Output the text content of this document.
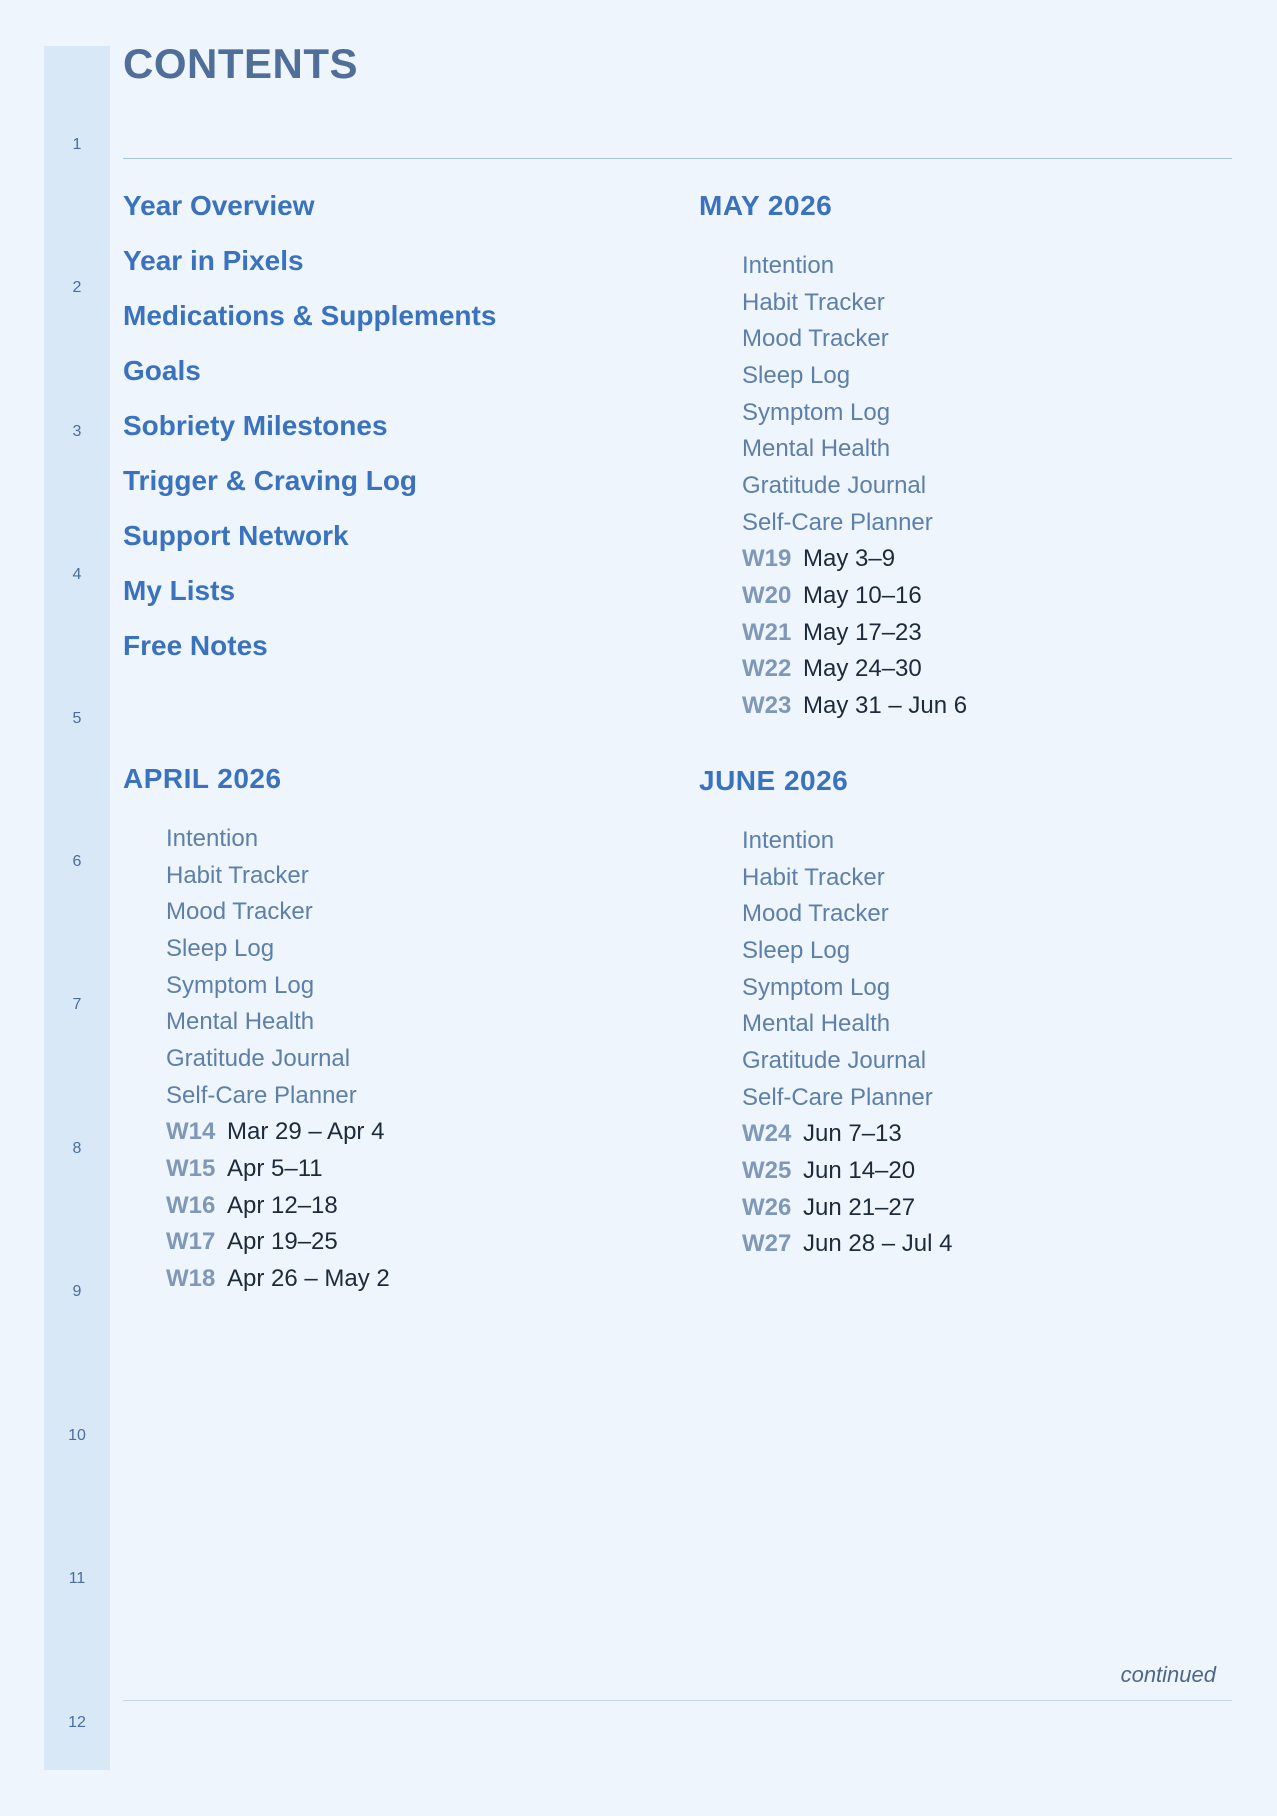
1
2
3
4
5
6
7
8
9
10
11
12
CONTENTS
Year Overview
Year in Pixels
Medications & Supplements
Goals
Sobriety Milestones
Trigger & Craving Log
Support Network
My Lists
Free Notes
APRIL 2026
Intention
Habit Tracker
Mood Tracker
Sleep Log
Symptom Log
Mental Health
Gratitude Journal
Self-Care Planner
W14 Mar 29 – Apr 4
W15 Apr 5–11
W16 Apr 12–18
W17 Apr 19–25
W18 Apr 26 – May 2
MAY 2026
Intention
Habit Tracker
Mood Tracker
Sleep Log
Symptom Log
Mental Health
Gratitude Journal
Self-Care Planner
W19 May 3–9
W20 May 10–16
W21 May 17–23
W22 May 24–30
W23 May 31 – Jun 6
JUNE 2026
Intention
Habit Tracker
Mood Tracker
Sleep Log
Symptom Log
Mental Health
Gratitude Journal
Self-Care Planner
W24 Jun 7–13
W25 Jun 14–20
W26 Jun 21–27
W27 Jun 28 – Jul 4
continued
